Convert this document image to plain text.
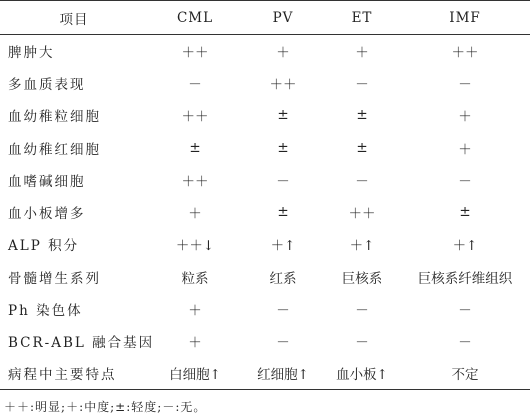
项目	CML	PV	ET	IMF
脾肿大	＋＋	＋	＋	＋＋
多血质表现	－	＋＋	－	－
血幼稚粒细胞	＋＋	±	±	＋
血幼稚红细胞	±	±	±	＋
血嗜碱细胞	＋＋	－	－	－
血小板增多	＋	±	＋＋	±
ALP 积分	＋＋↓	＋↑	＋↑	＋↑
骨髓增生系列	粒系	红系	巨核系	巨核系纤维组织
Ph 染色体	＋	－	－	－
BCR-ABL 融合基因	＋	－	－	－
病程中主要特点	白细胞↑	红细胞↑	血小板↑	不定
＋＋:明显;＋:中度;±:轻度;－:无。
